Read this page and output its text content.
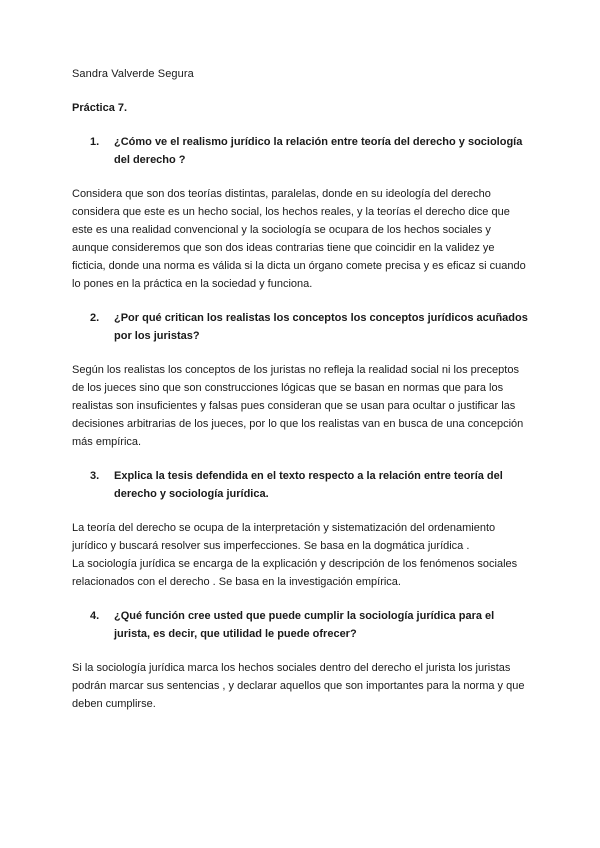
Sandra Valverde Segura
Práctica 7.
1.	¿Cómo ve el realismo jurídico la relación entre teoría del derecho y sociología del derecho ?

Considera que son dos teorías distintas, paralelas, donde en su ideología del derecho considera que este es un hecho social, los hechos reales, y la teorías el derecho dice que este es una realidad convencional y la sociología se ocupara de los hechos sociales y aunque consideremos que son dos ideas contrarias tiene que coincidir en la validez ye ficticia, donde una norma es válida si la dicta un órgano comete precisa y es eficaz si cuando lo pones en la práctica en la sociedad y funciona.

2.	¿Por qué critican los realistas los conceptos los conceptos jurídicos acuñados por los juristas?

Según los realistas los conceptos de los juristas no refleja la realidad social ni los preceptos de los jueces sino que son construcciones lógicas que se basan en normas que para los realistas son insuficientes y falsas pues consideran que se usan para ocultar o justificar las decisiones arbitrarias de los jueces, por lo que los realistas van en busca de una concepción más empírica.

3.	Explica la tesis defendida en el texto respecto a la relación entre teoría del derecho y sociología jurídica.

La teoría del derecho se ocupa de la interpretación y sistematización del ordenamiento jurídico y buscará resolver sus imperfecciones. Se basa en la dogmática jurídica .

La sociología jurídica se encarga de la explicación y descripción de los fenómenos sociales relacionados con el derecho . Se basa en la investigación empírica.

4.	¿Qué función cree usted que puede cumplir la sociología jurídica para el jurista, es decir, que utilidad le puede ofrecer?

Si la sociología jurídica marca los hechos sociales dentro del derecho el jurista los juristas podrán marcar sus sentencias , y declarar aquellos que son importantes para la norma y que deben cumplirse.
